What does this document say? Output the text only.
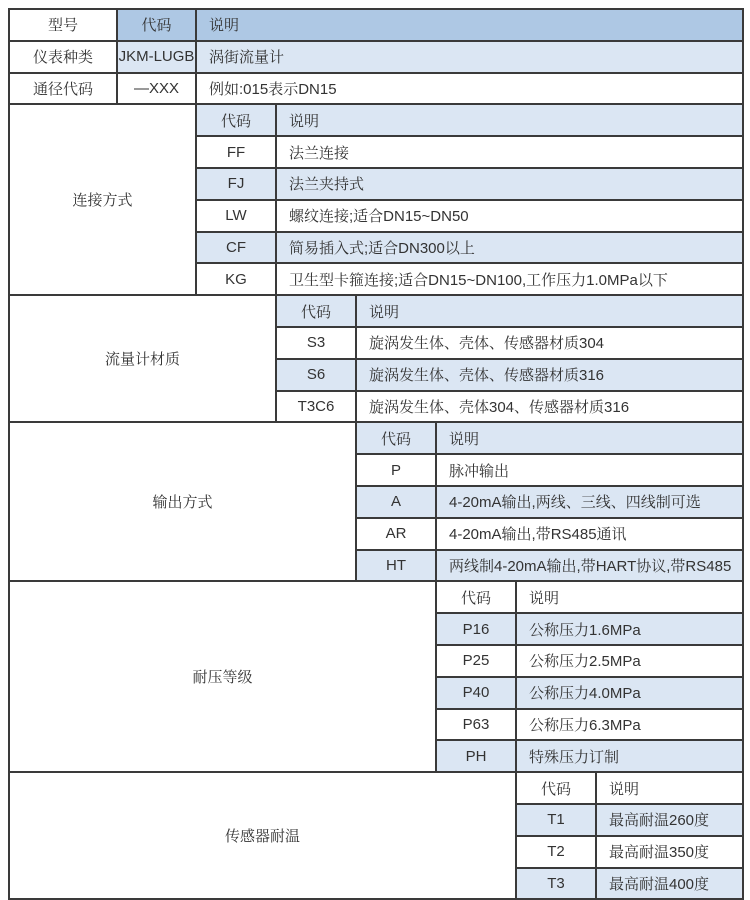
型号	代码	说明					
仪表种类	JKM-LUGB	涡街流量计					
通径代码	—XXX	例如:015表示DN15					
连接方式		代码	说明				
		FF	法兰连接				
		FJ	法兰夹持式				
		LW	螺纹连接;适合DN15~DN50				
		CF	简易插入式;适合DN300以上				
		KG	卫生型卡箍连接;适合DN15~DN100,工作压力1.0MPa以下				
流量计材质			代码	说明			
			S3	旋涡发生体、壳体、传感器材质304			
			S6	旋涡发生体、壳体、传感器材质316			
			T3C6	旋涡发生体、壳体304、传感器材质316			
输出方式				代码	说明		
				P	脉冲输出		
				A	4-20mA输出,两线、三线、四线制可选		
				AR	4-20mA输出,带RS485通讯		
				HT	两线制4-20mA输出,带HART协议,带RS485		
耐压等级					代码	说明	
					P16	公称压力1.6MPa	
					P25	公称压力2.5MPa	
					P40	公称压力4.0MPa	
					P63	公称压力6.3MPa	
					PH	特殊压力订制	
传感器耐温						代码	说明
						T1	最高耐温260度
						T2	最高耐温350度
						T3	最高耐温400度
